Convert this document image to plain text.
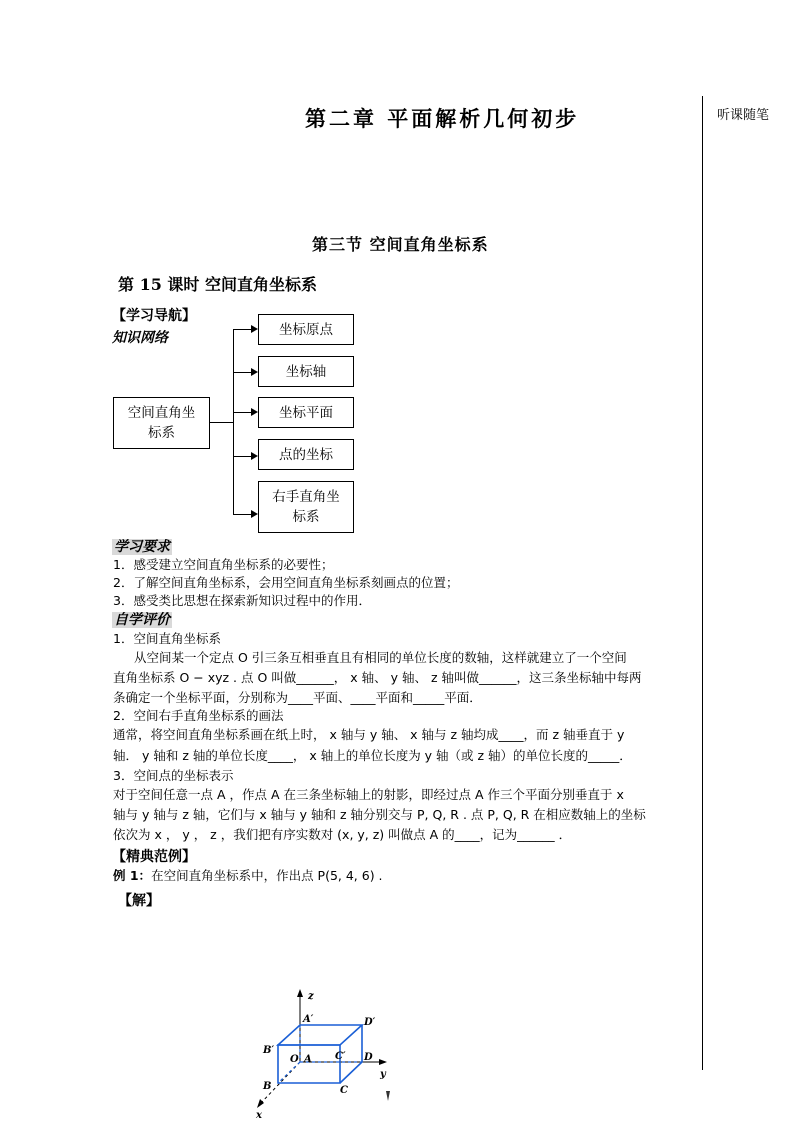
第二章 平面解析几何初步	听课随笔
第三节 空间直角坐标系
第 15 课时 空间直角坐标系
【学习导航】
知识网络
空间直角坐标系
坐标原点
坐标轴
坐标平面
点的坐标
右手直角坐标系
学习要求
1．感受建立空间直角坐标系的必要性；
2．了解空间直角坐标系，会用空间直角坐标系刻画点的位置；
3．感受类比思想在探索新知识过程中的作用．
自学评价
1．空间直角坐标系
从空间某一个定点 O 引三条互相垂直且有相同的单位长度的数轴，这样就建立了一个空间
直角坐标系 O − xyz . 点 O 叫做______， x 轴、 y 轴、 z 轴叫做______，这三条坐标轴中每两
条确定一个坐标平面，分别称为____平面、____平面和_____平面．
2．空间右手直角坐标系的画法
通常，将空间直角坐标系画在纸上时， x 轴与 y 轴、 x 轴与 z 轴均成____，而 z 轴垂直于 y
轴． y 轴和 z 轴的单位长度____， x 轴上的单位长度为 y 轴（或 z 轴）的单位长度的_____．
3．空间点的坐标表示
对于空间任意一点 A ，作点 A 在三条坐标轴上的射影，即经过点 A 作三个平面分别垂直于 x
轴与 y 轴与 z 轴，它们与 x 轴与 y 轴和 z 轴分别交与 P, Q, R . 点 P, Q, R 在相应数轴上的坐标
依次为 x ， y ， z ，我们把有序实数对 (x, y, z) 叫做点 A 的____，记为______ ．
【精典范例】
例 1：在空间直角坐标系中，作出点 P(5, 4, 6) .
【解】
z
A′	D′
B′
O A C′ D
y
B	C
x
